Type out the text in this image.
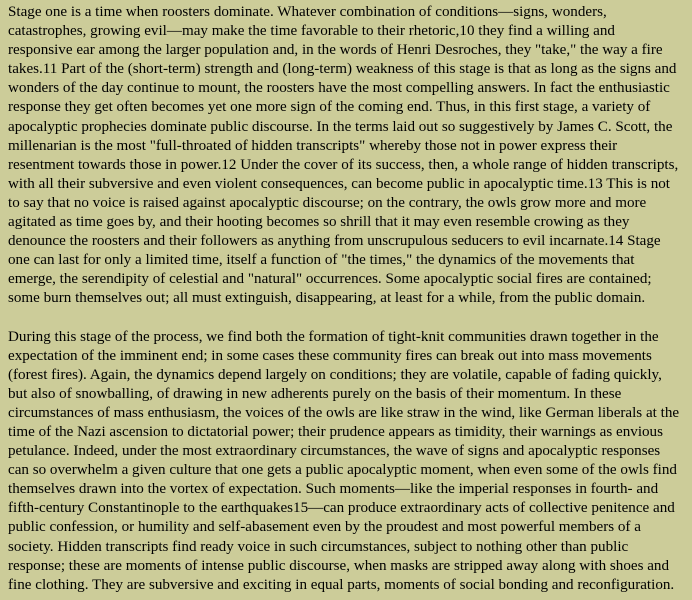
Stage one is a time when roosters dominate. Whatever combination of conditions—signs, wonders, catastrophes, growing evil—may make the time favorable to their rhetoric,10 they find a willing and responsive ear among the larger population and, in the words of Henri Desroches, they "take," the way a fire takes.11 Part of the (short-term) strength and (long-term) weakness of this stage is that as long as the signs and wonders of the day continue to mount, the roosters have the most compelling answers. In fact the enthusiastic response they get often becomes yet one more sign of the coming end. Thus, in this first stage, a variety of apocalyptic prophecies dominate public discourse. In the terms laid out so suggestively by James C. Scott, the millenarian is the most "full-throated of hidden transcripts" whereby those not in power express their resentment towards those in power.12 Under the cover of its success, then, a whole range of hidden transcripts, with all their subversive and even violent consequences, can become public in apocalyptic time.13 This is not to say that no voice is raised against apocalyptic discourse; on the contrary, the owls grow more and more agitated as time goes by, and their hooting becomes so shrill that it may even resemble crowing as they denounce the roosters and their followers as anything from unscrupulous seducers to evil incarnate.14 Stage one can last for only a limited time, itself a function of "the times," the dynamics of the movements that emerge, the serendipity of celestial and "natural" occurrences. Some apocalyptic social fires are contained; some burn themselves out; all must extinguish, disappearing, at least for a while, from the public domain.

During this stage of the process, we find both the formation of tight-knit communities drawn together in the expectation of the imminent end; in some cases these community fires can break out into mass movements (forest fires). Again, the dynamics depend largely on conditions; they are volatile, capable of fading quickly, but also of snowballing, of drawing in new adherents purely on the basis of their momentum. In these circumstances of mass enthusiasm, the voices of the owls are like straw in the wind, like German liberals at the time of the Nazi ascension to dictatorial power; their prudence appears as timidity, their warnings as envious petulance. Indeed, under the most extraordinary circumstances, the wave of signs and apocalyptic responses can so overwhelm a given culture that one gets a public apocalyptic moment, when even some of the owls find themselves drawn into the vortex of expectation. Such moments—like the imperial responses in fourth- and fifth-century Constantinople to the earthquakes15—can produce extraordinary acts of collective penitence and public confession, or humility and self-abasement even by the proudest and most powerful members of a society. Hidden transcripts find ready voice in such circumstances, subject to nothing other than public response; these are moments of intense public discourse, when masks are stripped away along with shoes and fine clothing. They are subversive and exciting in equal parts, moments of social bonding and reconfiguration.
